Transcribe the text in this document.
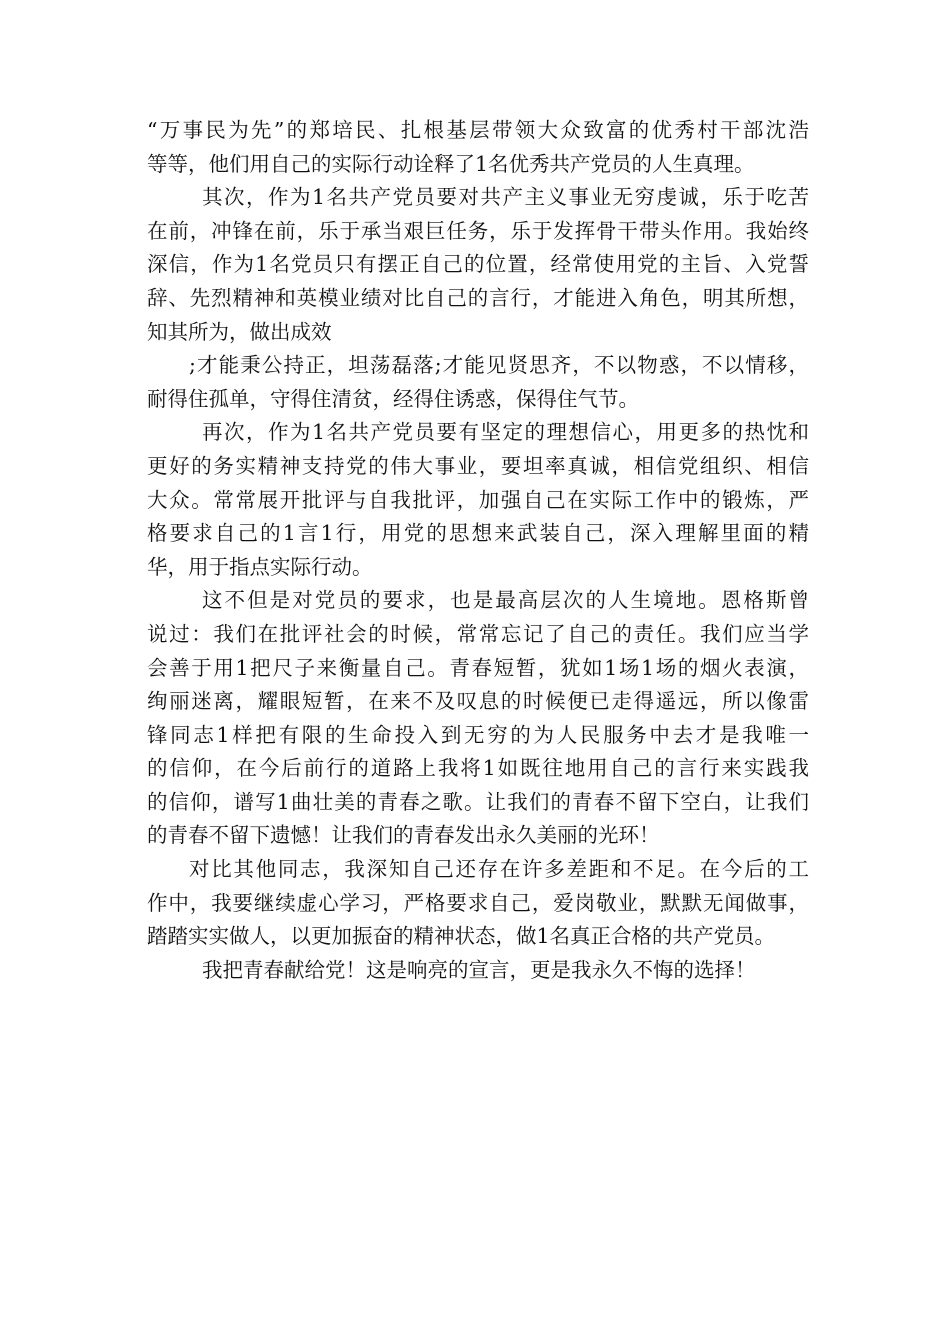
“万事民为先”的郑培民、扎根基层带领大众致富的优秀村干部沈浩
等等，他们用自己的实际行动诠释了1名优秀共产党员的人生真理。
其次，作为1名共产党员要对共产主义事业无穷虔诚，乐于吃苦
在前，冲锋在前，乐于承当艰巨任务，乐于发挥骨干带头作用。我始终
深信，作为1名党员只有摆正自己的位置，经常使用党的主旨、入党誓
辞、先烈精神和英模业绩对比自己的言行，才能进入角色，明其所想，
知其所为，做出成效
;才能秉公持正，坦荡磊落;才能见贤思齐，不以物惑，不以情移，
耐得住孤单，守得住清贫，经得住诱惑，保得住气节。
再次，作为1名共产党员要有坚定的理想信心，用更多的热忱和
更好的务实精神支持党的伟大事业，要坦率真诚，相信党组织、相信
大众。常常展开批评与自我批评，加强自己在实际工作中的锻炼，严
格要求自己的1言1行，用党的思想来武装自己，深入理解里面的精
华，用于指点实际行动。
这不但是对党员的要求，也是最高层次的人生境地。恩格斯曾
说过：我们在批评社会的时候，常常忘记了自己的责任。我们应当学
会善于用1把尺子来衡量自己。青春短暂，犹如1场1场的烟火表演，
绚丽迷离，耀眼短暂，在来不及叹息的时候便已走得遥远，所以像雷
锋同志1样把有限的生命投入到无穷的为人民服务中去才是我唯一
的信仰，在今后前行的道路上我将1如既往地用自己的言行来实践我
的信仰，谱写1曲壮美的青春之歌。让我们的青春不留下空白，让我们
的青春不留下遗憾！让我们的青春发出永久美丽的光环！
对比其他同志，我深知自己还存在许多差距和不足。在今后的工
作中，我要继续虚心学习，严格要求自己，爱岗敬业，默默无闻做事，
踏踏实实做人，以更加振奋的精神状态，做1名真正合格的共产党员。
我把青春献给党！这是响亮的宣言，更是我永久不悔的选择！
